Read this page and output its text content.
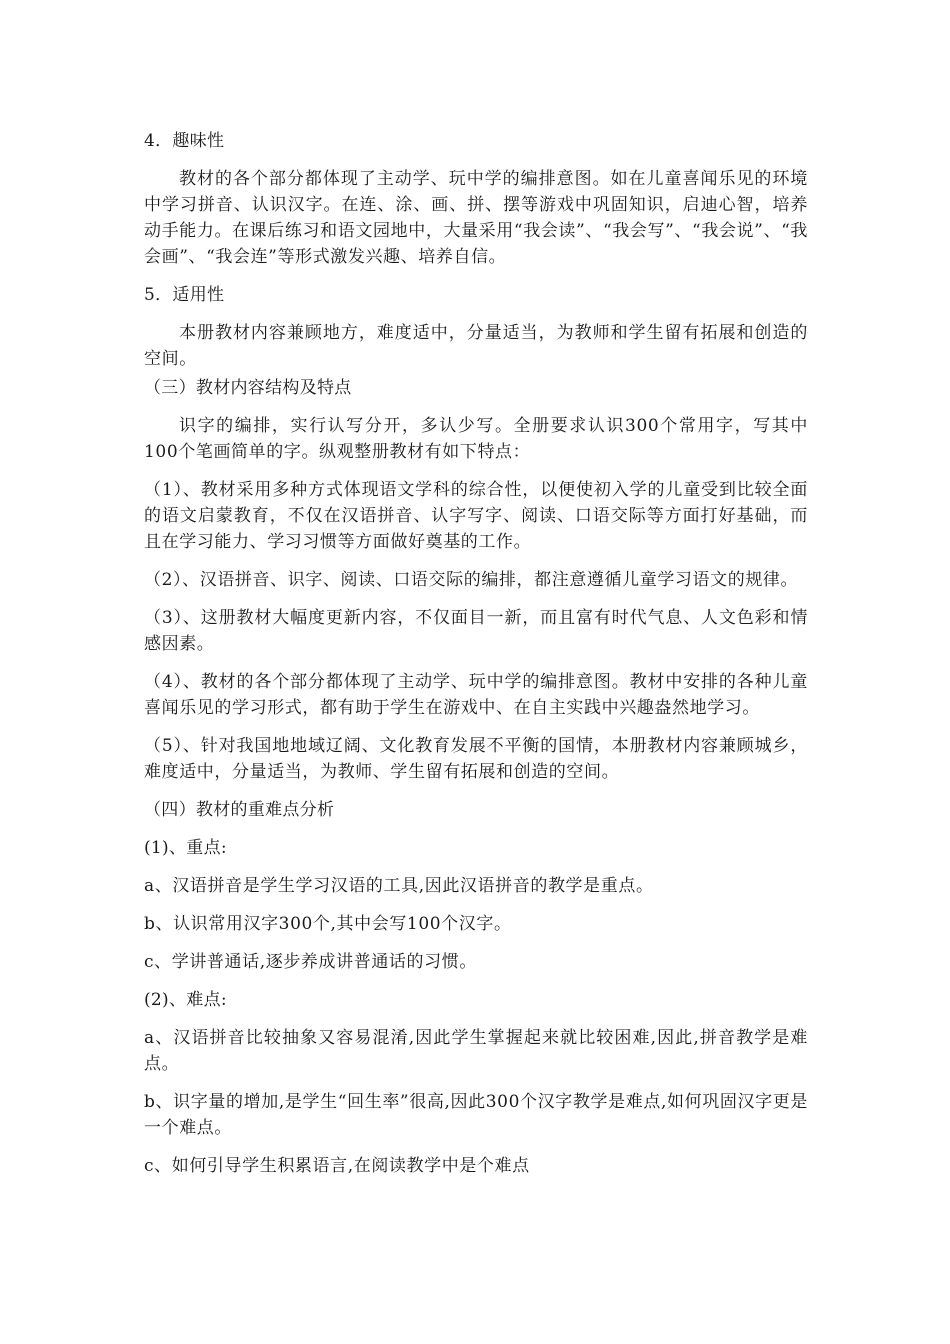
4．趣味性

教材的各个部分都体现了主动学、玩中学的编排意图。如在儿童喜闻乐见的环境中学习拼音、认识汉字。在连、涂、画、拼、摆等游戏中巩固知识，启迪心智，培养动手能力。在课后练习和语文园地中，大量采用“我会读”、“我会写”、“我会说”、“我会画”、“我会连”等形式激发兴趣、培养自信。

5．适用性

本册教材内容兼顾地方，难度适中，分量适当，为教师和学生留有拓展和创造的空间。

（三）教材内容结构及特点

识字的编排，实行认写分开，多认少写。全册要求认识300个常用字，写其中100个笔画简单的字。纵观整册教材有如下特点：

（1）、教材采用多种方式体现语文学科的综合性，以便使初入学的儿童受到比较全面的语文启蒙教育，不仅在汉语拼音、认字写字、阅读、口语交际等方面打好基础，而且在学习能力、学习习惯等方面做好奠基的工作。

（2）、汉语拼音、识字、阅读、口语交际的编排，都注意遵循儿童学习语文的规律。

（3）、这册教材大幅度更新内容，不仅面目一新，而且富有时代气息、人文色彩和情感因素。

（4）、教材的各个部分都体现了主动学、玩中学的编排意图。教材中安排的各种儿童喜闻乐见的学习形式，都有助于学生在游戏中、在自主实践中兴趣盎然地学习。

（5）、针对我国地地域辽阔、文化教育发展不平衡的国情，本册教材内容兼顾城乡，难度适中，分量适当，为教师、学生留有拓展和创造的空间。

（四）教材的重难点分析

(1)、重点:

a、汉语拼音是学生学习汉语的工具,因此汉语拼音的教学是重点。

b、认识常用汉字300个,其中会写100个汉字。

c、学讲普通话,逐步养成讲普通话的习惯。

(2)、难点:

a、汉语拼音比较抽象又容易混淆,因此学生掌握起来就比较困难,因此,拼音教学是难点。

b、识字量的增加,是学生“回生率”很高,因此300个汉字教学是难点,如何巩固汉字更是一个难点。

c、如何引导学生积累语言,在阅读教学中是个难点
